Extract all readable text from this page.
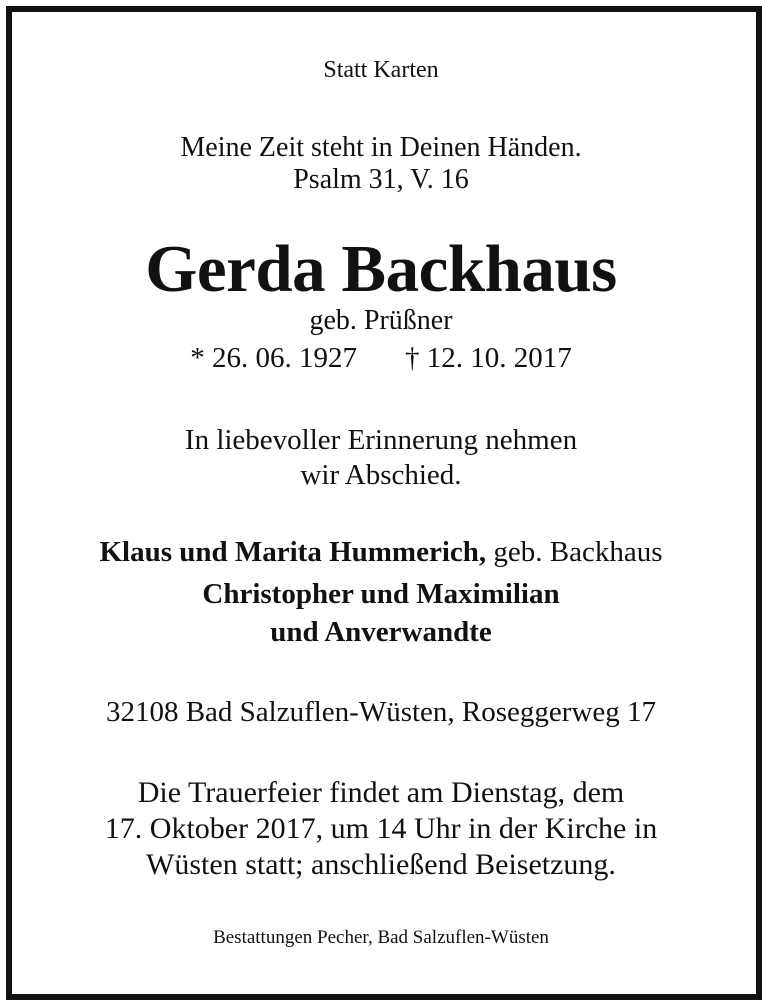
Statt Karten
Meine Zeit steht in Deinen Händen.
Psalm 31, V. 16
Gerda Backhaus
geb. Prüßner
* 26. 06. 1927 † 12. 10. 2017
In liebevoller Erinnerung nehmen
wir Abschied.
Klaus und Marita Hummerich, geb. Backhaus
Christopher und Maximilian
und Anverwandte
32108 Bad Salzuflen-Wüsten, Roseggerweg 17
Die Trauerfeier findet am Dienstag, dem
17. Oktober 2017, um 14 Uhr in der Kirche in
Wüsten statt; anschließend Beisetzung.
Bestattungen Pecher, Bad Salzuflen-Wüsten
